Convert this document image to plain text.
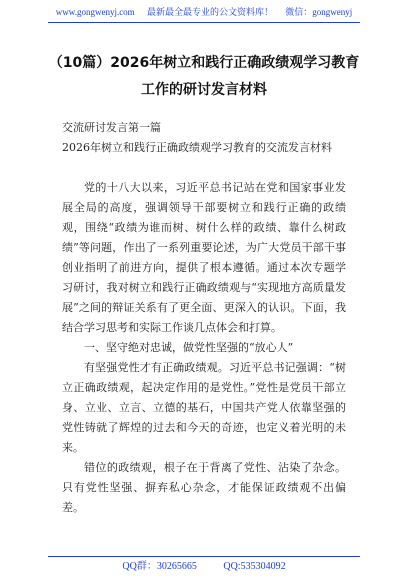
www.gongwenyj.com 最新最全最专业的公文资料库！ 微信：gongwenyj
（10篇）2026年树立和践行正确政绩观学习教育工作的研讨发言材料

交流研讨发言第一篇

2026年树立和践行正确政绩观学习教育的交流发言材料

党的十八大以来，习近平总书记站在党和国家事业发展全局的高度，强调领导干部要树立和践行正确的政绩观，围绕“政绩为谁而树、树什么样的政绩、靠什么树政绩”等问题，作出了一系列重要论述，为广大党员干部干事创业指明了前进方向，提供了根本遵循。通过本次专题学习研讨，我对树立和践行正确政绩观与“实现地方高质量发展”之间的辩证关系有了更全面、更深入的认识。下面，我结合学习思考和实际工作谈几点体会和打算。

一、坚守绝对忠诚，做党性坚强的“放心人”

有坚强党性才有正确政绩观。习近平总书记强调：“树立正确政绩观，起决定作用的是党性。”党性是党员干部立身、立业、立言、立德的基石，中国共产党人依靠坚强的党性铸就了辉煌的过去和今天的奇迹，也定义着光明的未来。

错位的政绩观，根子在于背离了党性、沾染了杂念。只有党性坚强、摒弃私心杂念，才能保证政绩观不出偏差。

QQ群：30265665	QQ:535304092
